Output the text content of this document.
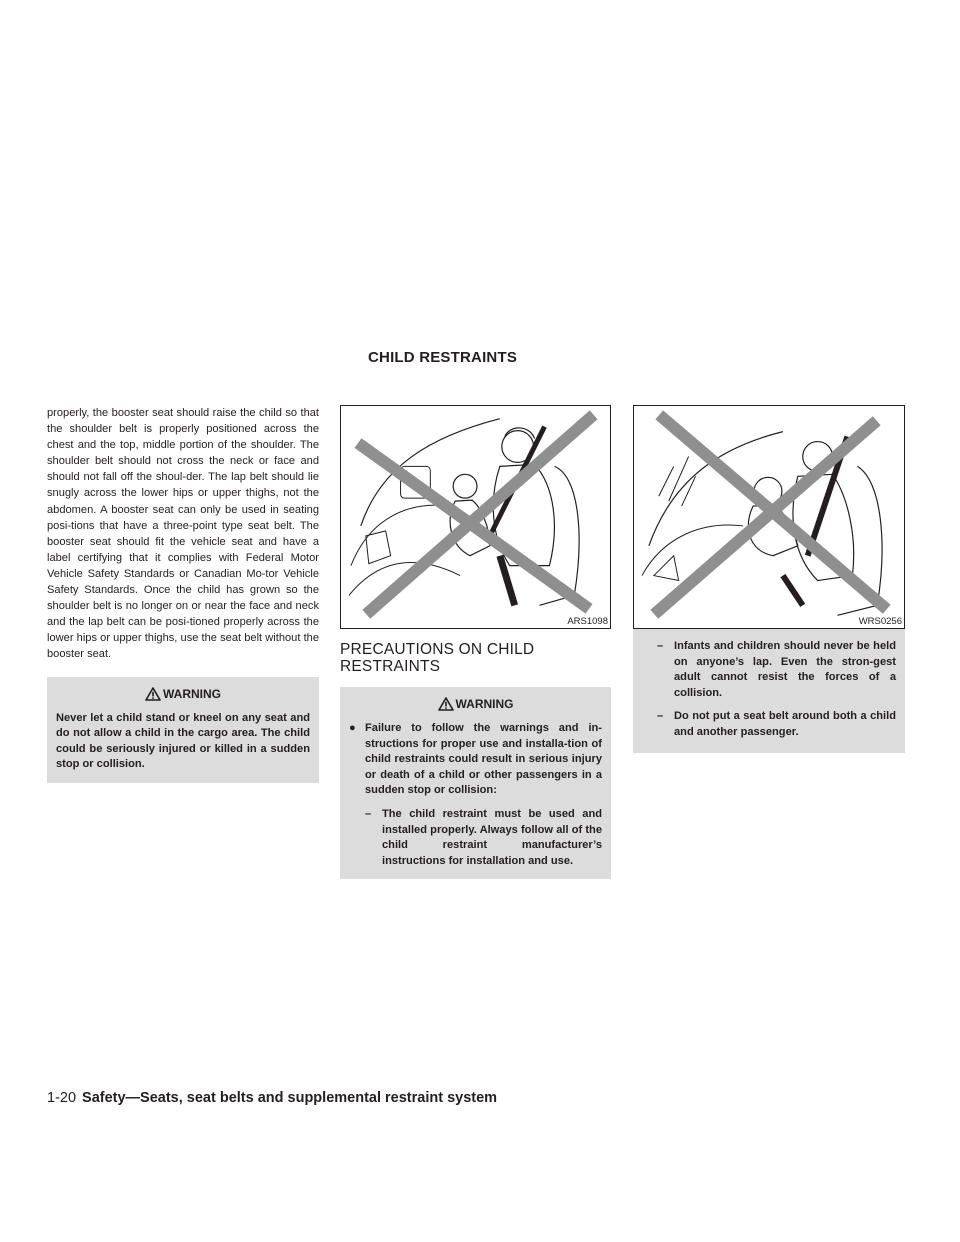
CHILD RESTRAINTS

properly, the booster seat should raise the child so that the shoulder belt is properly positioned across the chest and the top, middle portion of the shoulder. The shoulder belt should not cross the neck or face and should not fall off the shoul-der. The lap belt should lie snugly across the lower hips or upper thighs, not the abdomen. A booster seat can only be used in seating posi-tions that have a three-point type seat belt. The booster seat should fit the vehicle seat and have a label certifying that it complies with Federal Motor Vehicle Safety Standards or Canadian Mo-tor Vehicle Safety Standards. Once the child has grown so the shoulder belt is no longer on or near the face and neck and the lap belt can be posi-tioned properly across the lower hips or upper thighs, use the seat belt without the booster seat.

WARNING

Never let a child stand or kneel on any seat and do not allow a child in the cargo area. The child could be seriously injured or killed in a sudden stop or collision.

ARS1098
PRECAUTIONS ON CHILD RESTRAINTS
WARNING
● Failure to follow the warnings and in-structions for proper use and installa-tion of child restraints could result in serious injury or death of a child or other passengers in a sudden stop or collision:
– The child restraint must be used and installed properly. Always follow all of the child restraint manufacturer’s instructions for installation and use.
WRS0256
– Infants and children should never be held on anyone’s lap. Even the stron-gest adult cannot resist the forces of a collision.
– Do not put a seat belt around both a child and another passenger.
1-20 Safety—Seats, seat belts and supplemental restraint system
